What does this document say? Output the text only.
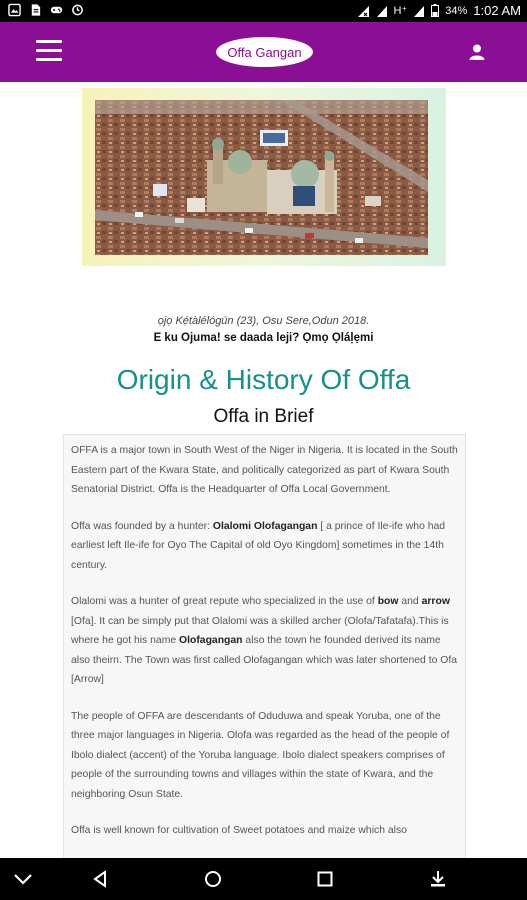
H⁺	34% 1:02 AM
Offa Gangan
ọjọ Kẹ́tàlélógún (23), Osu Sere,Odun 2018.
E ku Ojuma! se daada leji? Ọmọ Ọláḷẹmi
Origin & History Of Offa
Offa in Brief

OFFA is a major town in South West of the Niger in Nigeria. It is located in the South Eastern part of the Kwara State, and politically categorized as part of Kwara South Senatorial District. Offa is the Headquarter of Offa Local Government.

Offa was founded by a hunter: Olalomi Olofagangan [ a prince of Ile-ife who had earliest left Ile-ife for Oyo The Capital of old Oyo Kingdom] sometimes in the 14th century.

Olalomi was a hunter of great repute who specialized in the use of bow and arrow [Ofa]. It can be simply put that Olalomi was a skilled archer (Olofa/Tafatafa).This is where he got his name Olofagangan also the town he founded derived its name also theirn. The Town was first called Olofagangan which was later shortened to Ofa [Arrow]

The people of OFFA are descendants of Oduduwa and speak Yoruba, one of the three major languages in Nigeria. Olofa was regarded as the head of the people of Ibolo dialect (accent) of the Yoruba language. Ibolo dialect speakers comprises of people of the surrounding towns and villages within the state of Kwara, and the neighboring Osun State.

Offa is well known for cultivation of Sweet potatoes and maize which also
